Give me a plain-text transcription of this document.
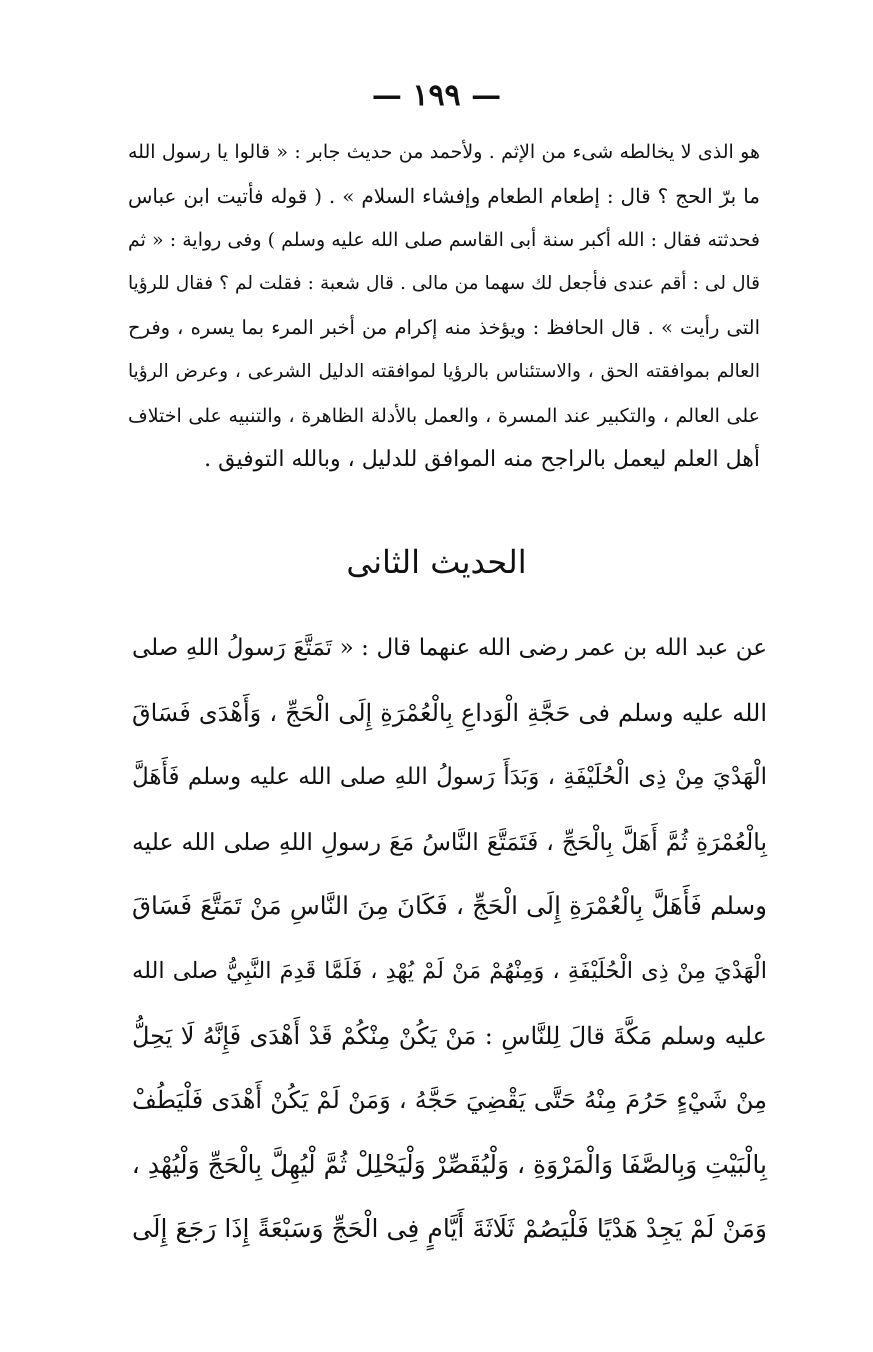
— ١٩٩ —

هو الذى لا يخالطه شىء من الإثم . ولأحمد من حديث جابر : « قالوا يا رسول الله

ما برّ الحج ؟ قال : إطعام الطعام وإفشاء السلام » . ( قوله فأتيت ابن عباس

فحدثته فقال : الله أكبر سنة أبى القاسم صلى الله عليه وسلم ) وفى رواية : « ثم

قال لى : أقم عندى فأجعل لك سهما من مالى . قال شعبة : فقلت لم ؟ فقال للرؤيا

التى رأيت » . قال الحافظ : ويؤخذ منه إكرام من أخبر المرء بما يسره ، وفرح

العالم بموافقته الحق ، والاستئناس بالرؤيا لموافقته الدليل الشرعى ، وعرض الرؤيا

على العالم ، والتكبير عند المسرة ، والعمل بالأدلة الظاهرة ، والتنبيه على اختلاف

أهل العلم ليعمل بالراجح منه الموافق للدليل ، وبالله التوفيق .

الحديث الثانى

عن عبد الله بن عمر رضى الله عنهما قال : « تَمَتَّعَ رَسولُ اللهِ صلى

الله عليه وسلم فى حَجَّةِ الْوَداعِ بِالْعُمْرَةِ إِلَى الْحَجِّ ، وَأَهْدَى فَسَاقَ

الْهَدْيَ مِنْ ذِى الْحُلَيْفَةِ ، وَبَدَأَ رَسولُ اللهِ صلى الله عليه وسلم فَأَهَلَّ

بِالْعُمْرَةِ ثُمَّ أَهَلَّ بِالْحَجِّ ، فَتَمَتَّعَ النَّاسُ مَعَ رسولِ اللهِ صلى الله عليه

وسلم فَأَهَلَّ بِالْعُمْرَةِ إِلَى الْحَجِّ ، فَكَانَ مِنَ النَّاسِ مَنْ تَمَتَّعَ فَسَاقَ

الْهَدْيَ مِنْ ذِى الْحُلَيْفَةِ ، وَمِنْهُمْ مَنْ لَمْ يُهْدِ ، فَلَمَّا قَدِمَ النَّبِيُّ صلى الله

عليه وسلم مَكَّةَ قالَ لِلنَّاسِ : مَنْ يَكُنْ مِنْكُمْ قَدْ أَهْدَى فَإِنَّهُ لَا يَحِلُّ

مِنْ شَيْءٍ حَرُمَ مِنْهُ حَتَّى يَقْضِيَ حَجَّهُ ، وَمَنْ لَمْ يَكُنْ أَهْدَى فَلْيَطُفْ

بِالْبَيْتِ وَبِالصَّفَا وَالْمَرْوَةِ ، وَلْيُقَصِّرْ وَلْيَحْلِلْ ثُمَّ لْيُهِلَّ بِالْحَجِّ وَلْيُهْدِ ،

وَمَنْ لَمْ يَجِدْ هَدْيًا فَلْيَصُمْ ثَلَاثَةَ أَيَّامٍ فِى الْحَجِّ وَسَبْعَةً إِذَا رَجَعَ إِلَى
